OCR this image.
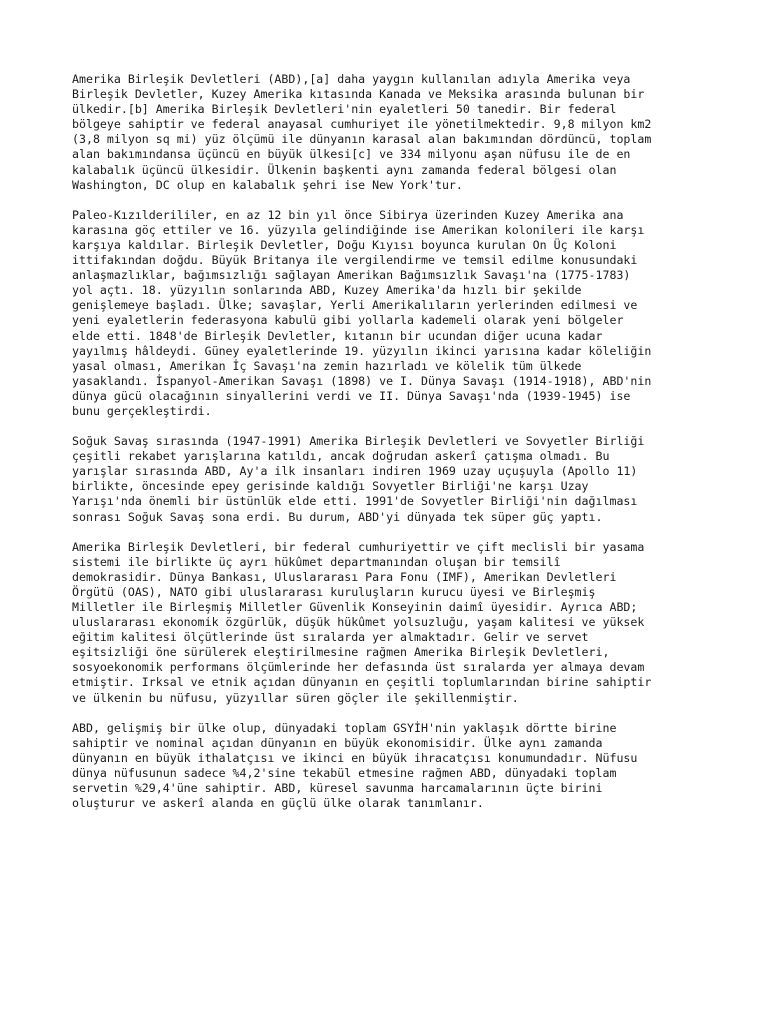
Amerika Birleşik Devletleri (ABD),[a] daha yaygın kullanılan adıyla Amerika veya
Birleşik Devletler, Kuzey Amerika kıtasında Kanada ve Meksika arasında bulunan bir
ülkedir.[b] Amerika Birleşik Devletleri'nin eyaletleri 50 tanedir. Bir federal
bölgeye sahiptir ve federal anayasal cumhuriyet ile yönetilmektedir. 9,8 milyon km2
(3,8 milyon sq mi) yüz ölçümü ile dünyanın karasal alan bakımından dördüncü, toplam
alan bakımındansa üçüncü en büyük ülkesi[c] ve 334 milyonu aşan nüfusu ile de en
kalabalık üçüncü ülkesidir. Ülkenin başkenti aynı zamanda federal bölgesi olan
Washington, DC olup en kalabalık şehri ise New York'tur.

Paleo-Kızılderililer, en az 12 bin yıl önce Sibirya üzerinden Kuzey Amerika ana
karasına göç ettiler ve 16. yüzyıla gelindiğinde ise Amerikan kolonileri ile karşı
karşıya kaldılar. Birleşik Devletler, Doğu Kıyısı boyunca kurulan On Üç Koloni
ittifakından doğdu. Büyük Britanya ile vergilendirme ve temsil edilme konusundaki
anlaşmazlıklar, bağımsızlığı sağlayan Amerikan Bağımsızlık Savaşı'na (1775-1783)
yol açtı. 18. yüzyılın sonlarında ABD, Kuzey Amerika'da hızlı bir şekilde
genişlemeye başladı. Ülke; savaşlar, Yerli Amerikalıların yerlerinden edilmesi ve
yeni eyaletlerin federasyona kabulü gibi yollarla kademeli olarak yeni bölgeler
elde etti. 1848'de Birleşik Devletler, kıtanın bir ucundan diğer ucuna kadar
yayılmış hâldeydi. Güney eyaletlerinde 19. yüzyılın ikinci yarısına kadar köleliğin
yasal olması, Amerikan İç Savaşı'na zemin hazırladı ve kölelik tüm ülkede
yasaklandı. İspanyol-Amerikan Savaşı (1898) ve I. Dünya Savaşı (1914-1918), ABD'nin
dünya gücü olacağının sinyallerini verdi ve II. Dünya Savaşı'nda (1939-1945) ise
bunu gerçekleştirdi.

Soğuk Savaş sırasında (1947-1991) Amerika Birleşik Devletleri ve Sovyetler Birliği
çeşitli rekabet yarışlarına katıldı, ancak doğrudan askerî çatışma olmadı. Bu
yarışlar sırasında ABD, Ay'a ilk insanları indiren 1969 uzay uçuşuyla (Apollo 11)
birlikte, öncesinde epey gerisinde kaldığı Sovyetler Birliği'ne karşı Uzay
Yarışı'nda önemli bir üstünlük elde etti. 1991'de Sovyetler Birliği'nin dağılması
sonrası Soğuk Savaş sona erdi. Bu durum, ABD'yi dünyada tek süper güç yaptı.

Amerika Birleşik Devletleri, bir federal cumhuriyettir ve çift meclisli bir yasama
sistemi ile birlikte üç ayrı hükûmet departmanından oluşan bir temsilî
demokrasidir. Dünya Bankası, Uluslararası Para Fonu (IMF), Amerikan Devletleri
Örgütü (OAS), NATO gibi uluslararası kuruluşların kurucu üyesi ve Birleşmiş
Milletler ile Birleşmiş Milletler Güvenlik Konseyinin daimî üyesidir. Ayrıca ABD;
uluslararası ekonomik özgürlük, düşük hükûmet yolsuzluğu, yaşam kalitesi ve yüksek
eğitim kalitesi ölçütlerinde üst sıralarda yer almaktadır. Gelir ve servet
eşitsizliği öne sürülerek eleştirilmesine rağmen Amerika Birleşik Devletleri,
sosyoekonomik performans ölçümlerinde her defasında üst sıralarda yer almaya devam
etmiştir. Irksal ve etnik açıdan dünyanın en çeşitli toplumlarından birine sahiptir
ve ülkenin bu nüfusu, yüzyıllar süren göçler ile şekillenmiştir.

ABD, gelişmiş bir ülke olup, dünyadaki toplam GSYİH'nin yaklaşık dörtte birine
sahiptir ve nominal açıdan dünyanın en büyük ekonomisidir. Ülke aynı zamanda
dünyanın en büyük ithalatçısı ve ikinci en büyük ihracatçısı konumundadır. Nüfusu
dünya nüfusunun sadece %4,2'sine tekabül etmesine rağmen ABD, dünyadaki toplam
servetin %29,4'üne sahiptir. ABD, küresel savunma harcamalarının üçte birini
oluşturur ve askerî alanda en güçlü ülke olarak tanımlanır.
